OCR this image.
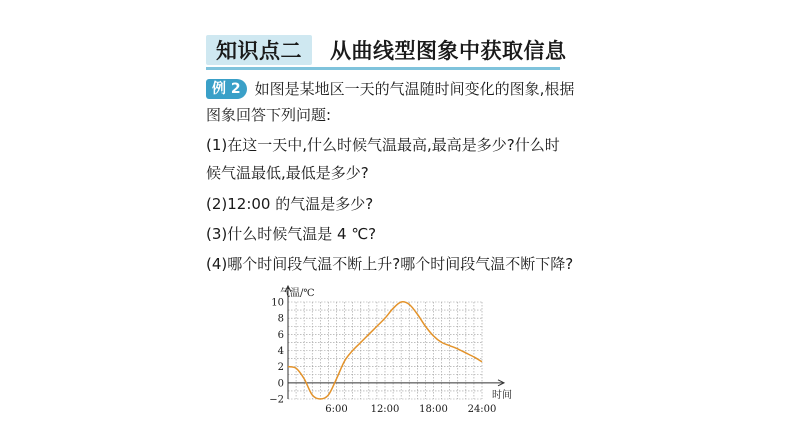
知识点二	从曲线型图象中获取信息
例 2 如图是某地区一天的气温随时间变化的图象,根据
图象回答下列问题:
(1)在这一天中,什么时候气温最高,最高是多少?什么时
候气温最低,最低是多少?
(2)12:00 的气温是多少?
(3)什么时候气温是 4 ℃?
(4)哪个时间段气温不断上升?哪个时间段气温不断下降?
气温/℃
时间
10
8
6
4
2
0
−2
6:00 12:00 18:00 24:00
